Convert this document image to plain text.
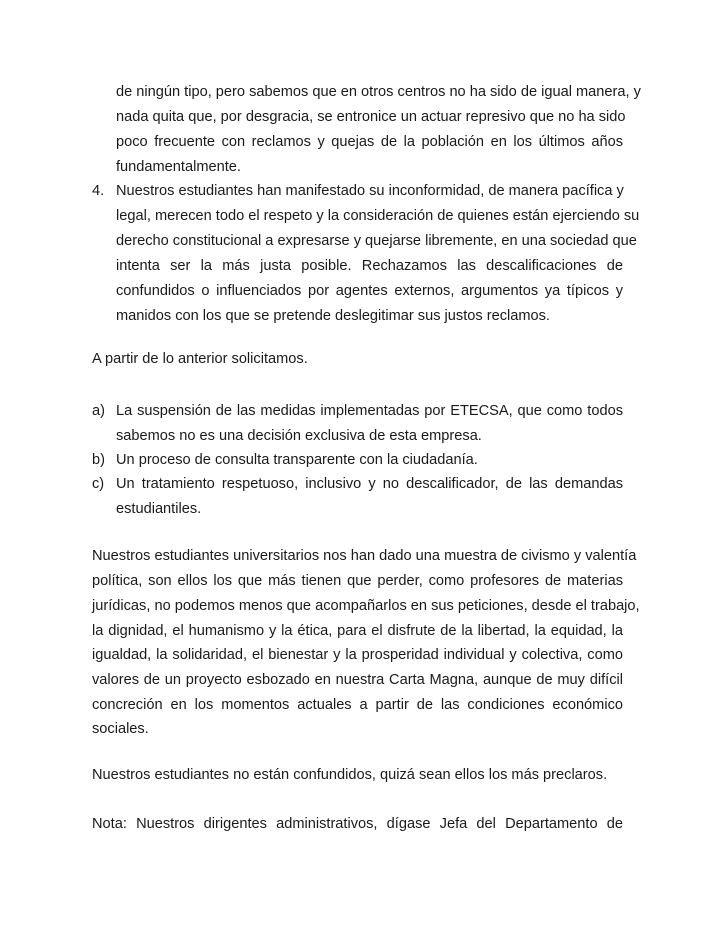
de ningún tipo, pero sabemos que en otros centros no ha sido de igual manera, y
nada quita que, por desgracia, se entronice un actuar represivo que no ha sido
poco frecuente con reclamos y quejas de la población en los últimos años
fundamentalmente.
4. Nuestros estudiantes han manifestado su inconformidad, de manera pacífica y
legal, merecen todo el respeto y la consideración de quienes están ejerciendo su
derecho constitucional a expresarse y quejarse libremente, en una sociedad que
intenta ser la más justa posible. Rechazamos las descalificaciones de
confundidos o influenciados por agentes externos, argumentos ya típicos y
manidos con los que se pretende deslegitimar sus justos reclamos.
A partir de lo anterior solicitamos.
a) La suspensión de las medidas implementadas por ETECSA, que como todos
sabemos no es una decisión exclusiva de esta empresa.
b) Un proceso de consulta transparente con la ciudadanía.
c) Un tratamiento respetuoso, inclusivo y no descalificador, de las demandas
estudiantiles.
Nuestros estudiantes universitarios nos han dado una muestra de civismo y valentía
política, son ellos los que más tienen que perder, como profesores de materias
jurídicas, no podemos menos que acompañarlos en sus peticiones, desde el trabajo,
la dignidad, el humanismo y la ética, para el disfrute de la libertad, la equidad, la
igualdad, la solidaridad, el bienestar y la prosperidad individual y colectiva, como
valores de un proyecto esbozado en nuestra Carta Magna, aunque de muy difícil
concreción en los momentos actuales a partir de las condiciones económico
sociales.
Nuestros estudiantes no están confundidos, quizá sean ellos los más preclaros.
Nota: Nuestros dirigentes administrativos, dígase Jefa del Departamento de
